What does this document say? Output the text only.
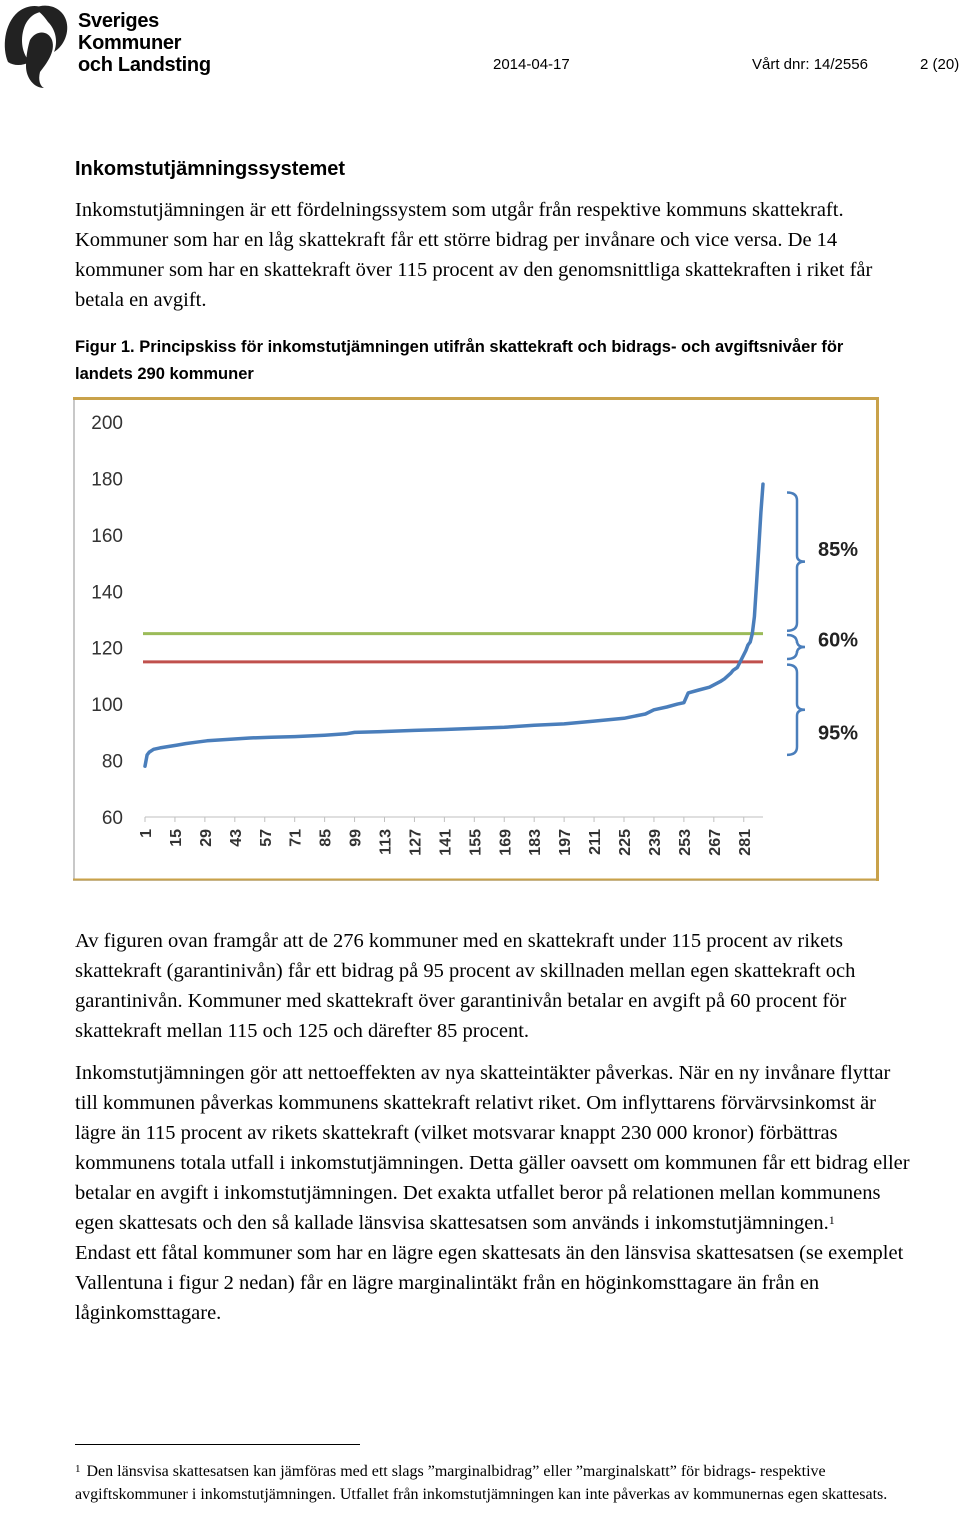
Sveriges
Kommuner
och Landsting	2014-04-17	Vårt dnr: 14/2556	2 (20)
Inkomstutjämningssystemet

Inkomstutjämningen är ett fördelningssystem som utgår från respektive kommuns skattekraft. Kommuner som har en låg skattekraft får ett större bidrag per invånare och vice versa. De 14 kommuner som har en skattekraft över 115 procent av den genomsnittliga skattekraften i riket får betala en avgift.

Figur 1. Principskiss för inkomstutjämningen utifrån skattekraft och bidrags- och avgiftsnivåer för landets 290 kommuner
60
80
100
120
140
160
180
200
1 15 29 43 57 71 85 99 113 127 141 155 169 183 197 211 225 239 253 267 281
85%
60%
95%

Av figuren ovan framgår att de 276 kommuner med en skattekraft under 115 procent av rikets skattekraft (garantinivån) får ett bidrag på 95 procent av skillnaden mellan egen skattekraft och garantinivån. Kommuner med skattekraft över garantinivån betalar en avgift på 60 procent för skattekraft mellan 115 och 125 och därefter 85 procent.

Inkomstutjämningen gör att nettoeffekten av nya skatteintäkter påverkas. När en ny invånare flyttar till kommunen påverkas kommunens skattekraft relativt riket. Om inflyttarens förvärvsinkomst är lägre än 115 procent av rikets skattekraft (vilket motsvarar knappt 230 000 kronor) förbättras kommunens totala utfall i inkomstutjämningen. Detta gäller oavsett om kommunen får ett bidrag eller betalar en avgift i inkomstutjämningen. Det exakta utfallet beror på relationen mellan kommunens egen skattesats och den så kallade länsvisa skattesatsen som används i inkomstutjämningen.$^1$
Endast ett fåtal kommuner som har en lägre egen skattesats än den länsvisa skattesatsen (se exemplet Vallentuna i figur 2 nedan) får en lägre marginalintäkt från en höginkomsttagare än från en låginkomsttagare.

$^1$ Den länsvisa skattesatsen kan jämföras med ett slags ”marginalbidrag” eller ”marginalskatt” för bidrags- respektive avgiftskommuner i inkomstutjämningen. Utfallet från inkomstutjämningen kan inte påverkas av kommunernas egen skattesats.
